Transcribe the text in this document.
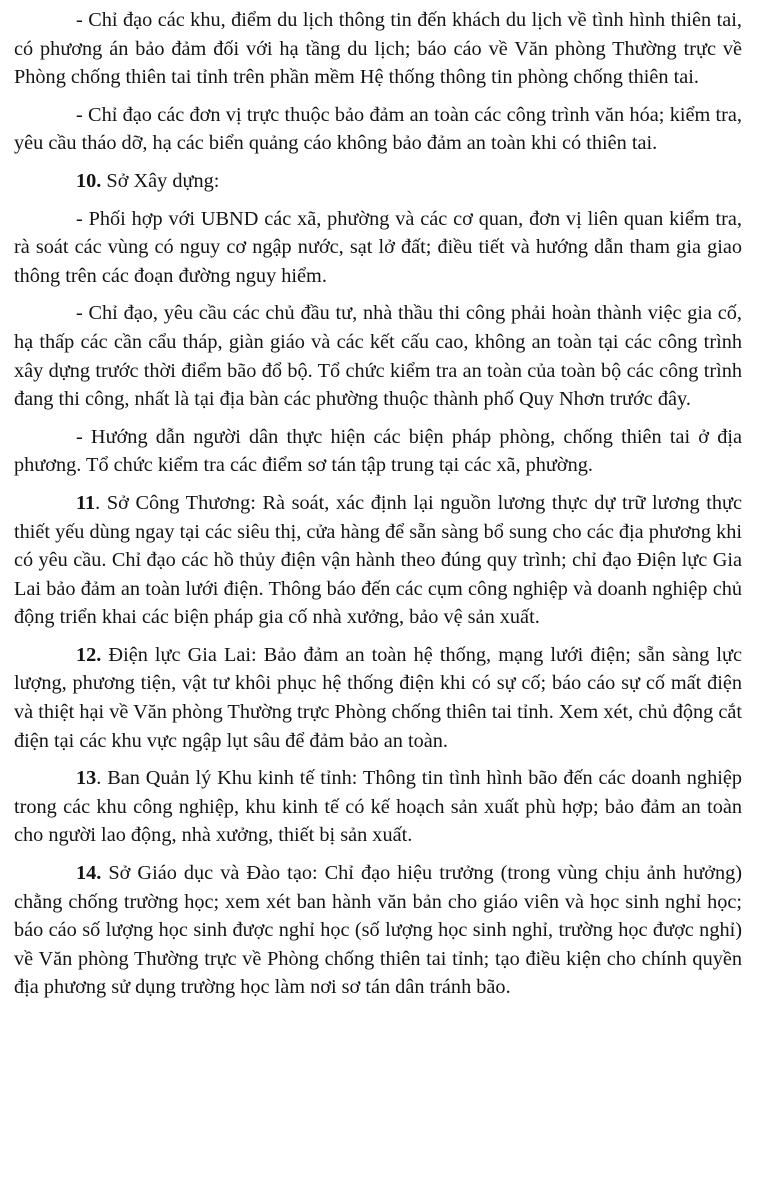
- Chỉ đạo các khu, điểm du lịch thông tin đến khách du lịch về tình hình thiên tai, có phương án bảo đảm đối với hạ tầng du lịch; báo cáo về Văn phòng Thường trực về Phòng chống thiên tai tỉnh trên phần mềm Hệ thống thông tin phòng chống thiên tai.

- Chỉ đạo các đơn vị trực thuộc bảo đảm an toàn các công trình văn hóa; kiểm tra, yêu cầu tháo dỡ, hạ các biển quảng cáo không bảo đảm an toàn khi có thiên tai.

10. Sở Xây dựng:

- Phối hợp với UBND các xã, phường và các cơ quan, đơn vị liên quan kiểm tra, rà soát các vùng có nguy cơ ngập nước, sạt lở đất; điều tiết và hướng dẫn tham gia giao thông trên các đoạn đường nguy hiểm.

- Chỉ đạo, yêu cầu các chủ đầu tư, nhà thầu thi công phải hoàn thành việc gia cố, hạ thấp các cần cẩu tháp, giàn giáo và các kết cấu cao, không an toàn tại các công trình xây dựng trước thời điểm bão đổ bộ. Tổ chức kiểm tra an toàn của toàn bộ các công trình đang thi công, nhất là tại địa bàn các phường thuộc thành phố Quy Nhơn trước đây.

- Hướng dẫn người dân thực hiện các biện pháp phòng, chống thiên tai ở địa phương. Tổ chức kiểm tra các điểm sơ tán tập trung tại các xã, phường.

11. Sở Công Thương: Rà soát, xác định lại nguồn lương thực dự trữ lương thực thiết yếu dùng ngay tại các siêu thị, cửa hàng để sẵn sàng bổ sung cho các địa phương khi có yêu cầu. Chỉ đạo các hồ thủy điện vận hành theo đúng quy trình; chỉ đạo Điện lực Gia Lai bảo đảm an toàn lưới điện. Thông báo đến các cụm công nghiệp và doanh nghiệp chủ động triển khai các biện pháp gia cố nhà xưởng, bảo vệ sản xuất.

12. Điện lực Gia Lai: Bảo đảm an toàn hệ thống, mạng lưới điện; sẵn sàng lực lượng, phương tiện, vật tư khôi phục hệ thống điện khi có sự cố; báo cáo sự cố mất điện và thiệt hại về Văn phòng Thường trực Phòng chống thiên tai tỉnh. Xem xét, chủ động cắt điện tại các khu vực ngập lụt sâu để đảm bảo an toàn.

13. Ban Quản lý Khu kinh tế tỉnh: Thông tin tình hình bão đến các doanh nghiệp trong các khu công nghiệp, khu kinh tế có kế hoạch sản xuất phù hợp; bảo đảm an toàn cho người lao động, nhà xưởng, thiết bị sản xuất.

14. Sở Giáo dục và Đào tạo: Chỉ đạo hiệu trưởng (trong vùng chịu ảnh hưởng) chằng chống trường học; xem xét ban hành văn bản cho giáo viên và học sinh nghỉ học; báo cáo số lượng học sinh được nghỉ học (số lượng học sinh nghỉ, trường học được nghỉ) về Văn phòng Thường trực về Phòng chống thiên tai tỉnh; tạo điều kiện cho chính quyền địa phương sử dụng trường học làm nơi sơ tán dân tránh bão.
